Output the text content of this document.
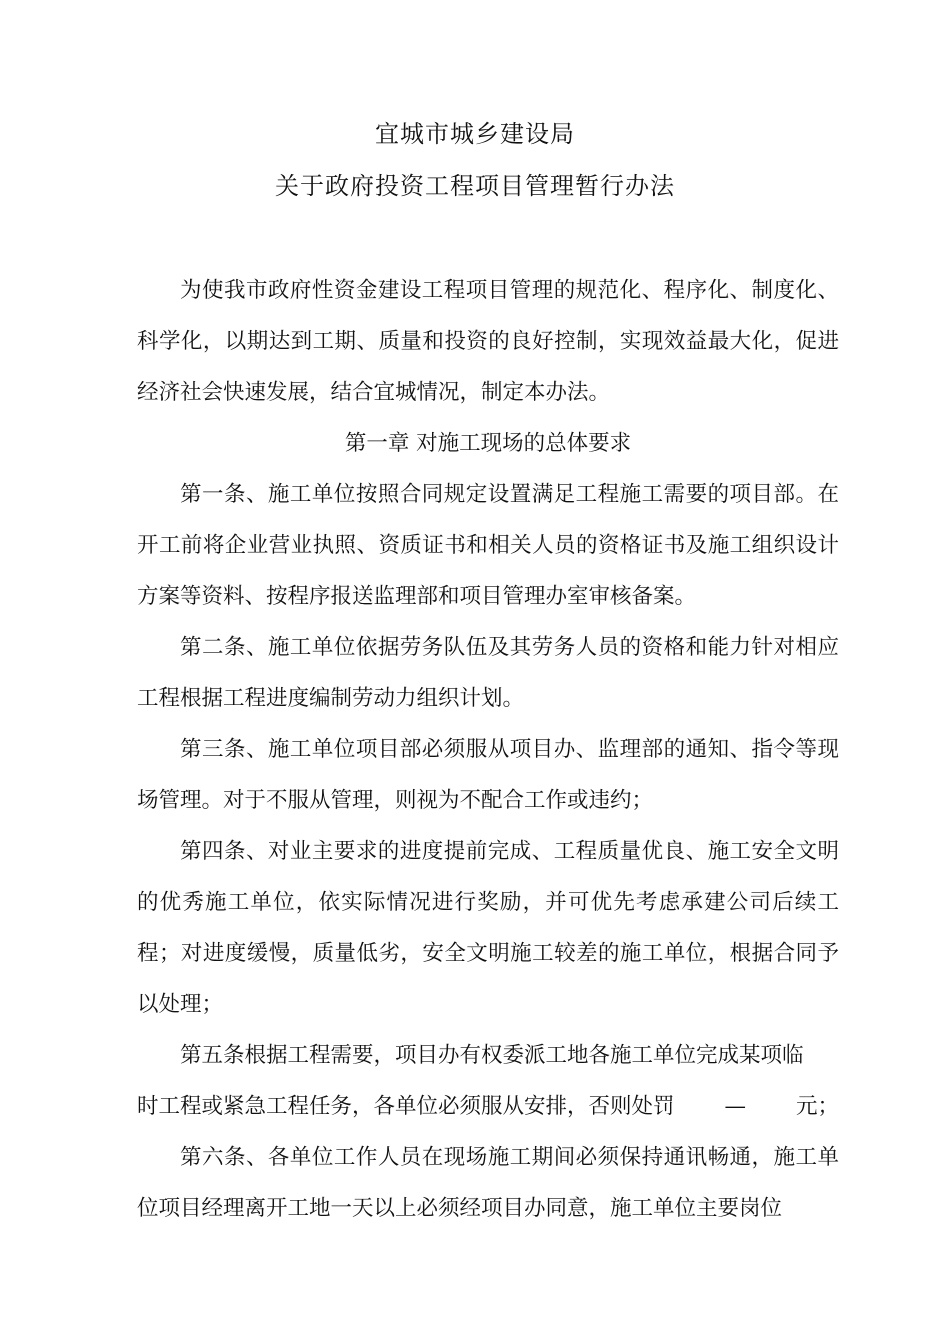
宜城市城乡建设局
关于政府投资工程项目管理暂行办法

为使我市政府性资金建设工程项目管理的规范化、程序化、制度化、科学化，以期达到工期、质量和投资的良好控制，实现效益最大化，促进经济社会快速发展，结合宜城情况，制定本办法。

第一章 对施工现场的总体要求

第一条、施工单位按照合同规定设置满足工程施工需要的项目部。在开工前将企业营业执照、资质证书和相关人员的资格证书及施工组织设计方案等资料、按程序报送监理部和项目管理办室审核备案。

第二条、施工单位依据劳务队伍及其劳务人员的资格和能力针对相应工程根据工程进度编制劳动力组织计划。

第三条、施工单位项目部必须服从项目办、监理部的通知、指令等现场管理。对于不服从管理，则视为不配合工作或违约；

第四条、对业主要求的进度提前完成、工程质量优良、施工安全文明的优秀施工单位，依实际情况进行奖励，并可优先考虑承建公司后续工程；对进度缓慢，质量低劣，安全文明施工较差的施工单位，根据合同予以处理；

第五条根据工程需要，项目办有权委派工地各施工单位完成某项临

时工程或紧急工程任务，各单位必须服从安排，否则处罚 — 元；

第六条、各单位工作人员在现场施工期间必须保持通讯畅通，施工单位项目经理离开工地一天以上必须经项目办同意，施工单位主要岗位
